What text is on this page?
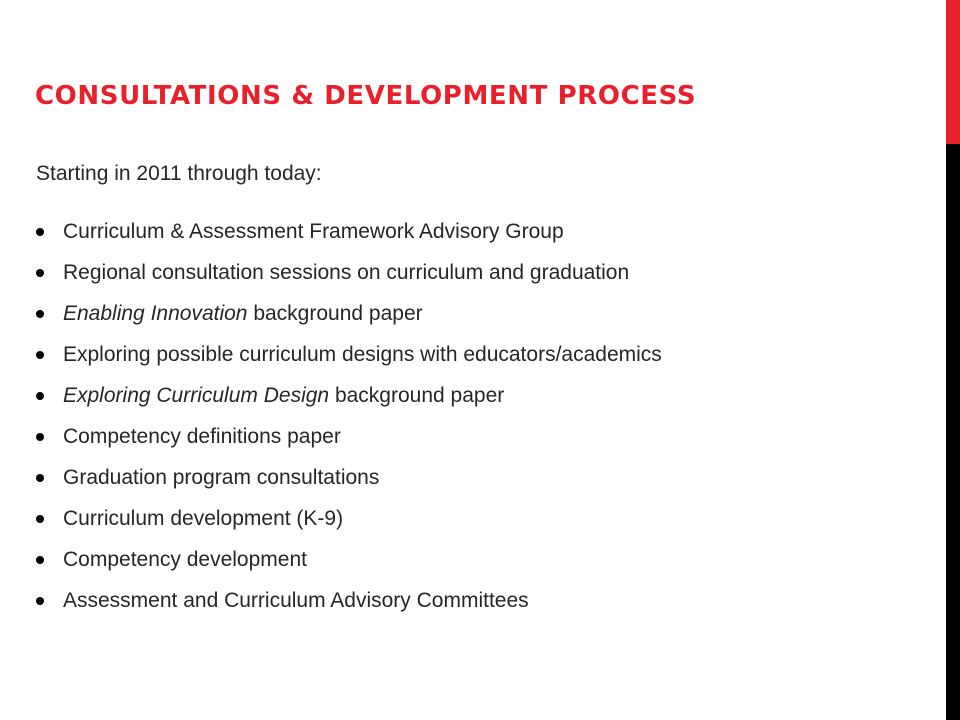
CONSULTATIONS & DEVELOPMENT PROCESS

Starting in 2011 through today:

Curriculum & Assessment Framework Advisory Group
Regional consultation sessions on curriculum and graduation
Enabling Innovation background paper
Exploring possible curriculum designs with educators/academics
Exploring Curriculum Design background paper
Competency definitions paper
Graduation program consultations
Curriculum development (K-9)
Competency development
Assessment and Curriculum Advisory Committees
